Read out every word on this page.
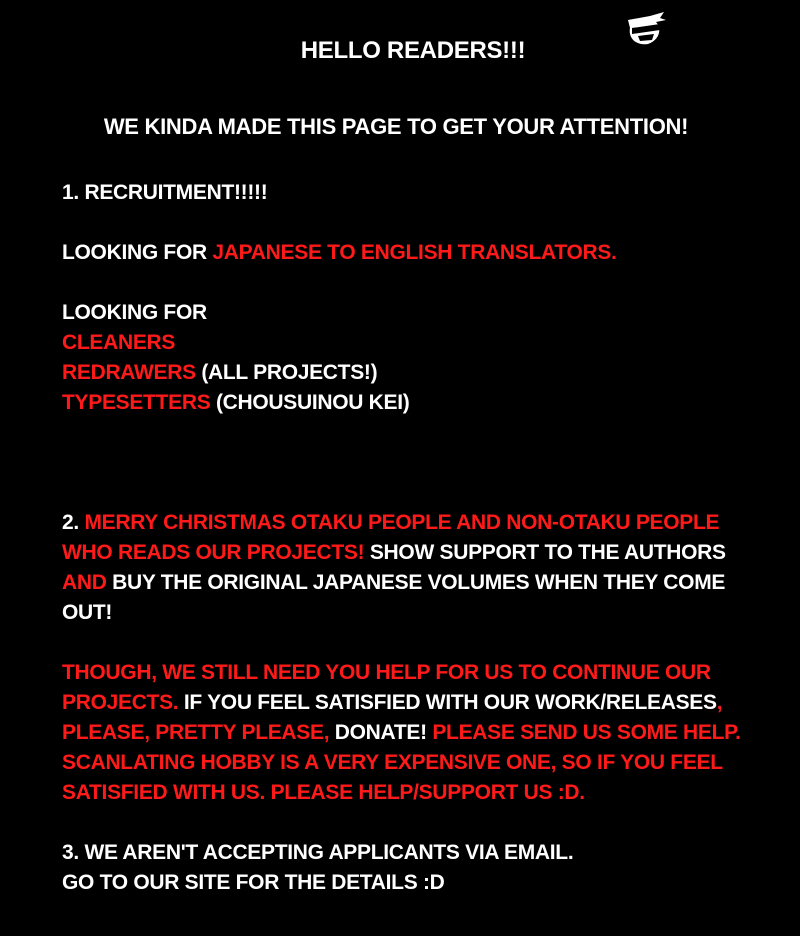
HELLO READERS!!!
WE KINDA MADE THIS PAGE TO GET YOUR ATTENTION!
1. RECRUITMENT!!!!!
LOOKING FOR JAPANESE TO ENGLISH TRANSLATORS.
LOOKING FOR
CLEANERS
REDRAWERS (ALL PROJECTS!)
TYPESETTERS (CHOUSUINOU KEI)
2. MERRY CHRISTMAS OTAKU PEOPLE AND NON-OTAKU PEOPLE
WHO READS OUR PROJECTS! SHOW SUPPORT TO THE AUTHORS
AND BUY THE ORIGINAL JAPANESE VOLUMES WHEN THEY COME
OUT!
THOUGH, WE STILL NEED YOU HELP FOR US TO CONTINUE OUR
PROJECTS. IF YOU FEEL SATISFIED WITH OUR WORK/RELEASES,
PLEASE, PRETTY PLEASE, DONATE! PLEASE SEND US SOME HELP.
SCANLATING HOBBY IS A VERY EXPENSIVE ONE, SO IF YOU FEEL
SATISFIED WITH US. PLEASE HELP/SUPPORT US :D.
3. WE AREN'T ACCEPTING APPLICANTS VIA EMAIL.
GO TO OUR SITE FOR THE DETAILS :D
